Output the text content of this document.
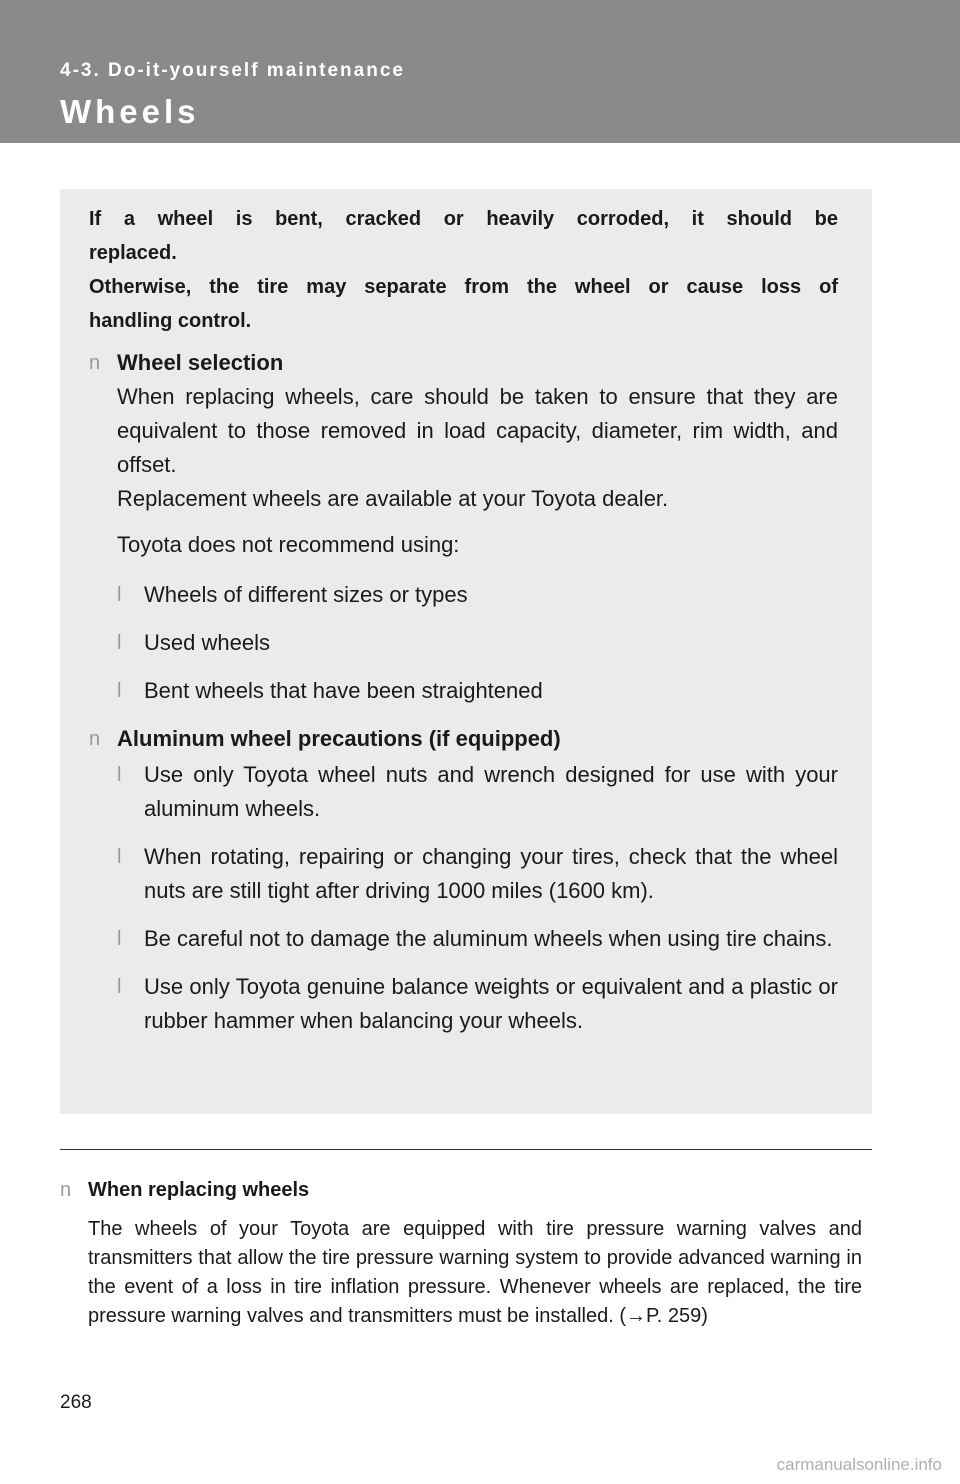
4-3. Do-it-yourself maintenance
Wheels
If a wheel is bent, cracked or heavily corroded, it should be
replaced.
Otherwise, the tire may separate from the wheel or cause loss of
handling control.
n Wheel selection
When replacing wheels, care should be taken to ensure that they are equivalent to those removed in load capacity, diameter, rim width, and offset.
Replacement wheels are available at your Toyota dealer.
Toyota does not recommend using:
l Wheels of different sizes or types
l Used wheels
l Bent wheels that have been straightened
n Aluminum wheel precautions (if equipped)
l Use only Toyota wheel nuts and wrench designed for use with your aluminum wheels.
l When rotating, repairing or changing your tires, check that the wheel nuts are still tight after driving 1000 miles (1600 km).
l Be careful not to damage the aluminum wheels when using tire chains.
l Use only Toyota genuine balance weights or equivalent and a plastic or rubber hammer when balancing your wheels.
n When replacing wheels
The wheels of your Toyota are equipped with tire pressure warning valves and transmitters that allow the tire pressure warning system to provide advanced warning in the event of a loss in tire inflation pressure. Whenever wheels are replaced, the tire pressure warning valves and transmitters must be installed. (→P. 259)
268
carmanualsonline.info
